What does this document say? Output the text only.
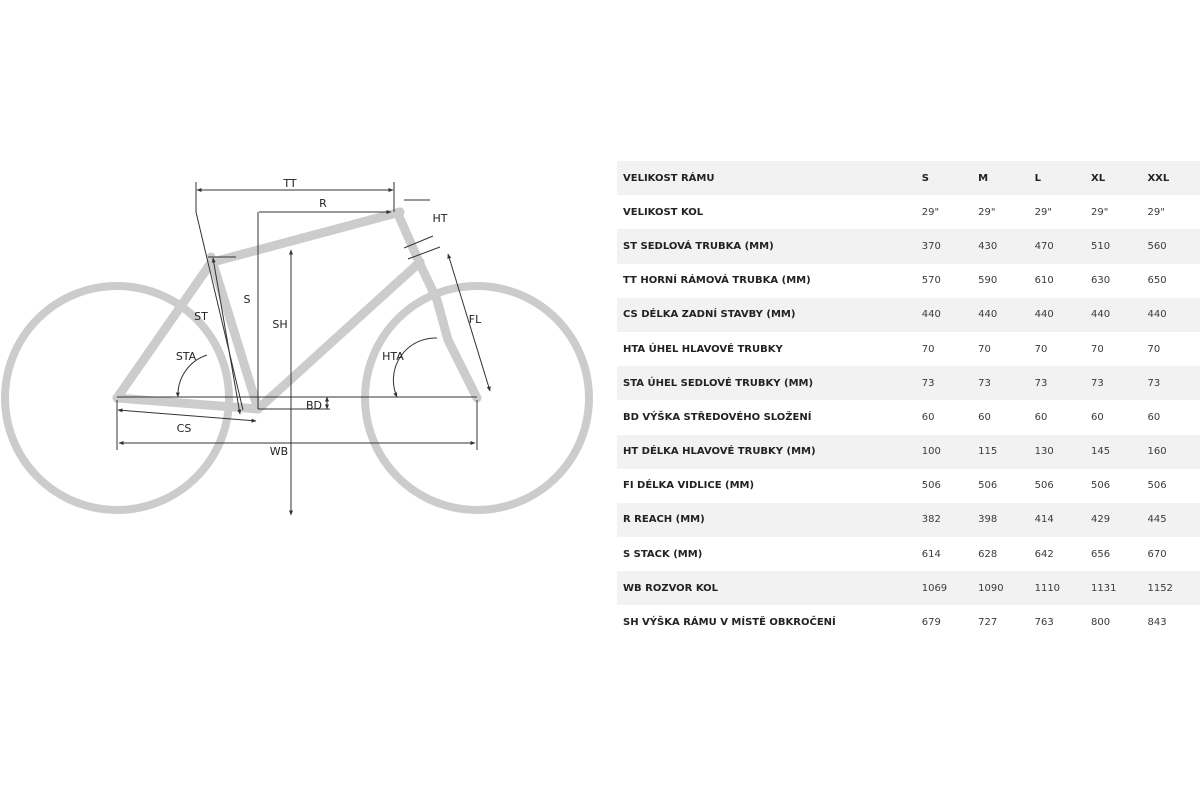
TT
R
HT
S
SH
ST
STA	HTA
FL
BD
CS
WB
VELIKOST RÁMU	S	M	L	XL	XXL
VELIKOST KOL	29"	29"	29"	29"	29"
ST SEDLOVÁ TRUBKA (MM)	370	430	470	510	560
TT HORNÍ RÁMOVÁ TRUBKA (MM)	570	590	610	630	650
CS DÉLKA ZADNÍ STAVBY (MM)	440	440	440	440	440
HTA ÚHEL HLAVOVÉ TRUBKY	70	70	70	70	70
STA ÚHEL SEDLOVÉ TRUBKY (MM)	73	73	73	73	73
BD VÝŠKA STŘEDOVÉHO SLOŽENÍ	60	60	60	60	60
HT DÉLKA HLAVOVÉ TRUBKY (MM)	100	115	130	145	160
FI DÉLKA VIDLICE (MM)	506	506	506	506	506
R REACH (MM)	382	398	414	429	445
S STACK (MM)	614	628	642	656	670
WB ROZVOR KOL	1069	1090	1110	1131	1152
SH VÝŠKA RÁMU V MÍSTĚ OBKROČENÍ	679	727	763	800	843
